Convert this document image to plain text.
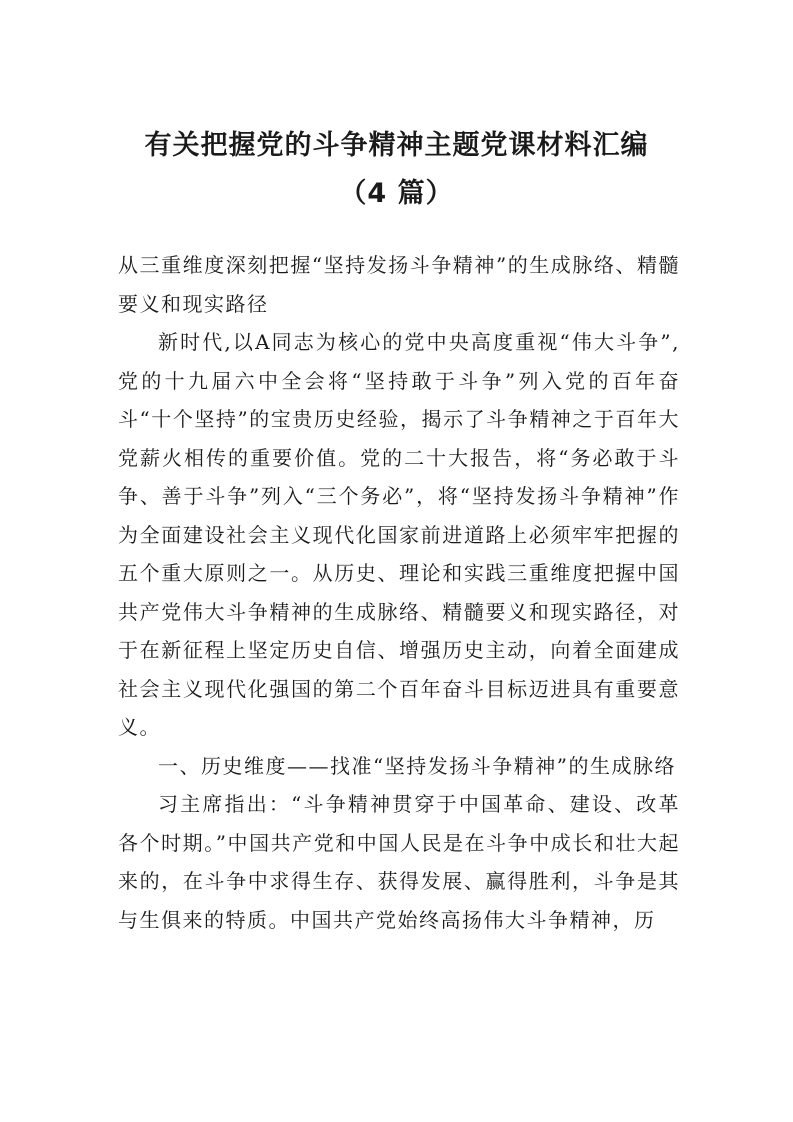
有关把握党的斗争精神主题党课材料汇编
（4 篇）

从三重维度深刻把握“坚持发扬斗争精神”的生成脉络、精髓要义和现实路径

新时代,以A同志为核心的党中央高度重视“伟大斗争”,党的十九届六中全会将“坚持敢于斗争”列入党的百年奋斗“十个坚持”的宝贵历史经验，揭示了斗争精神之于百年大党薪火相传的重要价值。党的二十大报告，将“务必敢于斗争、善于斗争”列入“三个务必”，将“坚持发扬斗争精神”作为全面建设社会主义现代化国家前进道路上必须牢牢把握的五个重大原则之一。从历史、理论和实践三重维度把握中国共产党伟大斗争精神的生成脉络、精髓要义和现实路径，对于在新征程上坚定历史自信、增强历史主动，向着全面建成社会主义现代化强国的第二个百年奋斗目标迈进具有重要意义。

一、历史维度——找准“坚持发扬斗争精神”的生成脉络

习主席指出：“斗争精神贯穿于中国革命、建设、改革各个时期。”中国共产党和中国人民是在斗争中成长和壮大起来的，在斗争中求得生存、获得发展、赢得胜利，斗争是其与生俱来的特质。中国共产党始终高扬伟大斗争精神，历
